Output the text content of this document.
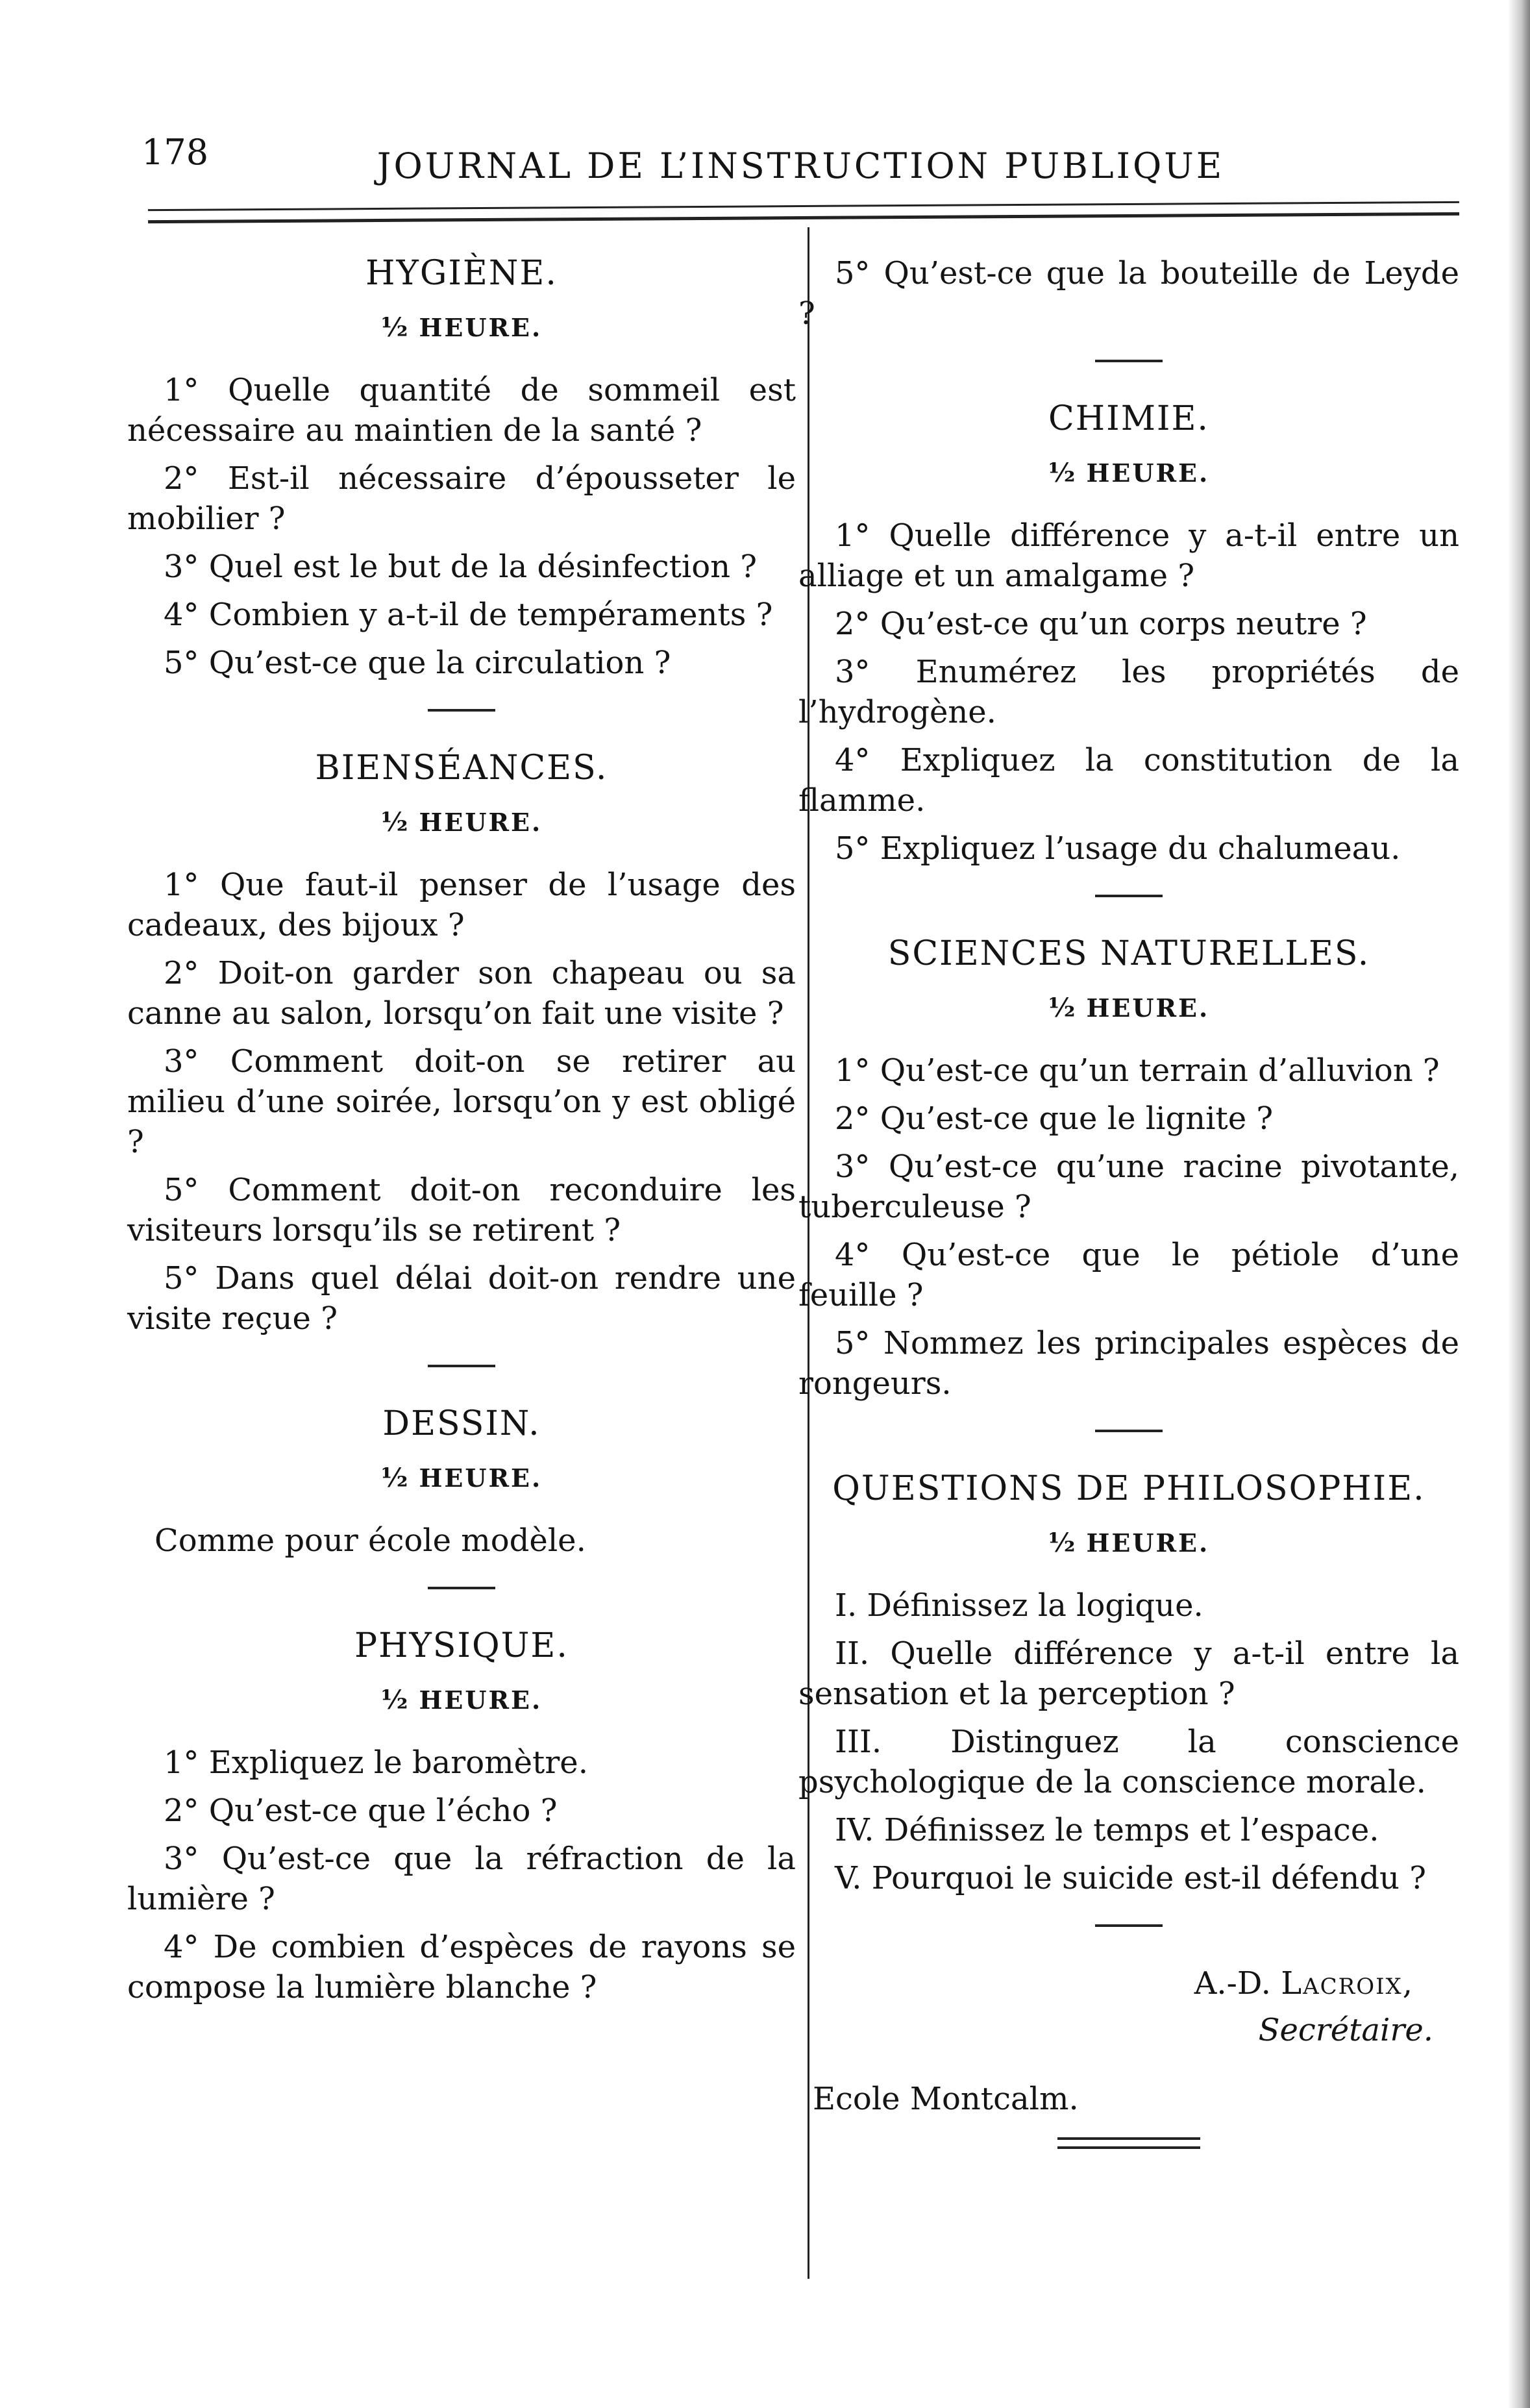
178	JOURNAL DE L’INSTRUCTION PUBLIQUE
HYGIÈNE.
½ HEURE.

1° Quelle quantité de sommeil est nécessaire au maintien de la santé ?

2° Est-il nécessaire d’épousseter le mobilier ?

3° Quel est le but de la désinfection ?

4° Combien y a-t-il de tempéraments ?

5° Qu’est-ce que la circulation ?

BIENSÉANCES.
½ HEURE.

1° Que faut-il penser de l’usage des cadeaux, des bijoux ?

2° Doit-on garder son chapeau ou sa canne au salon, lorsqu’on fait une visite ?

3° Comment doit-on se retirer au milieu d’une soirée, lorsqu’on y est obligé ?

5° Comment doit-on reconduire les visiteurs lorsqu’ils se retirent ?

5° Dans quel délai doit-on rendre une visite reçue ?

DESSIN.
½ HEURE.

Comme pour école modèle.

PHYSIQUE.
½ HEURE.

1° Expliquez le baromètre.

2° Qu’est-ce que l’écho ?

3° Qu’est-ce que la réfraction de la lumière ?

4° De combien d’espèces de rayons se compose la lumière blanche ?

5° Qu’est-ce que la bouteille de Leyde ?

CHIMIE.
½ HEURE.

1° Quelle différence y a-t-il entre un alliage et un amalgame ?

2° Qu’est-ce qu’un corps neutre ?

3° Enumérez les propriétés de l’hydrogène.

4° Expliquez la constitution de la flamme.

5° Expliquez l’usage du chalumeau.

SCIENCES NATURELLES.
½ HEURE.

1° Qu’est-ce qu’un terrain d’alluvion ?

2° Qu’est-ce que le lignite ?

3° Qu’est-ce qu’une racine pivotante, tuberculeuse ?

4° Qu’est-ce que le pétiole d’une feuille ?

5° Nommez les principales espèces de rongeurs.

QUESTIONS DE PHILOSOPHIE.
½ HEURE.

I. Définissez la logique.

II. Quelle différence y a-t-il entre la sensation et la perception ?

III. Distinguez la conscience psychologique de la conscience morale.

IV. Définissez le temps et l’espace.

V. Pourquoi le suicide est-il défendu ?

A.-D. Lacroix,
Secrétaire.
Ecole Montcalm.
